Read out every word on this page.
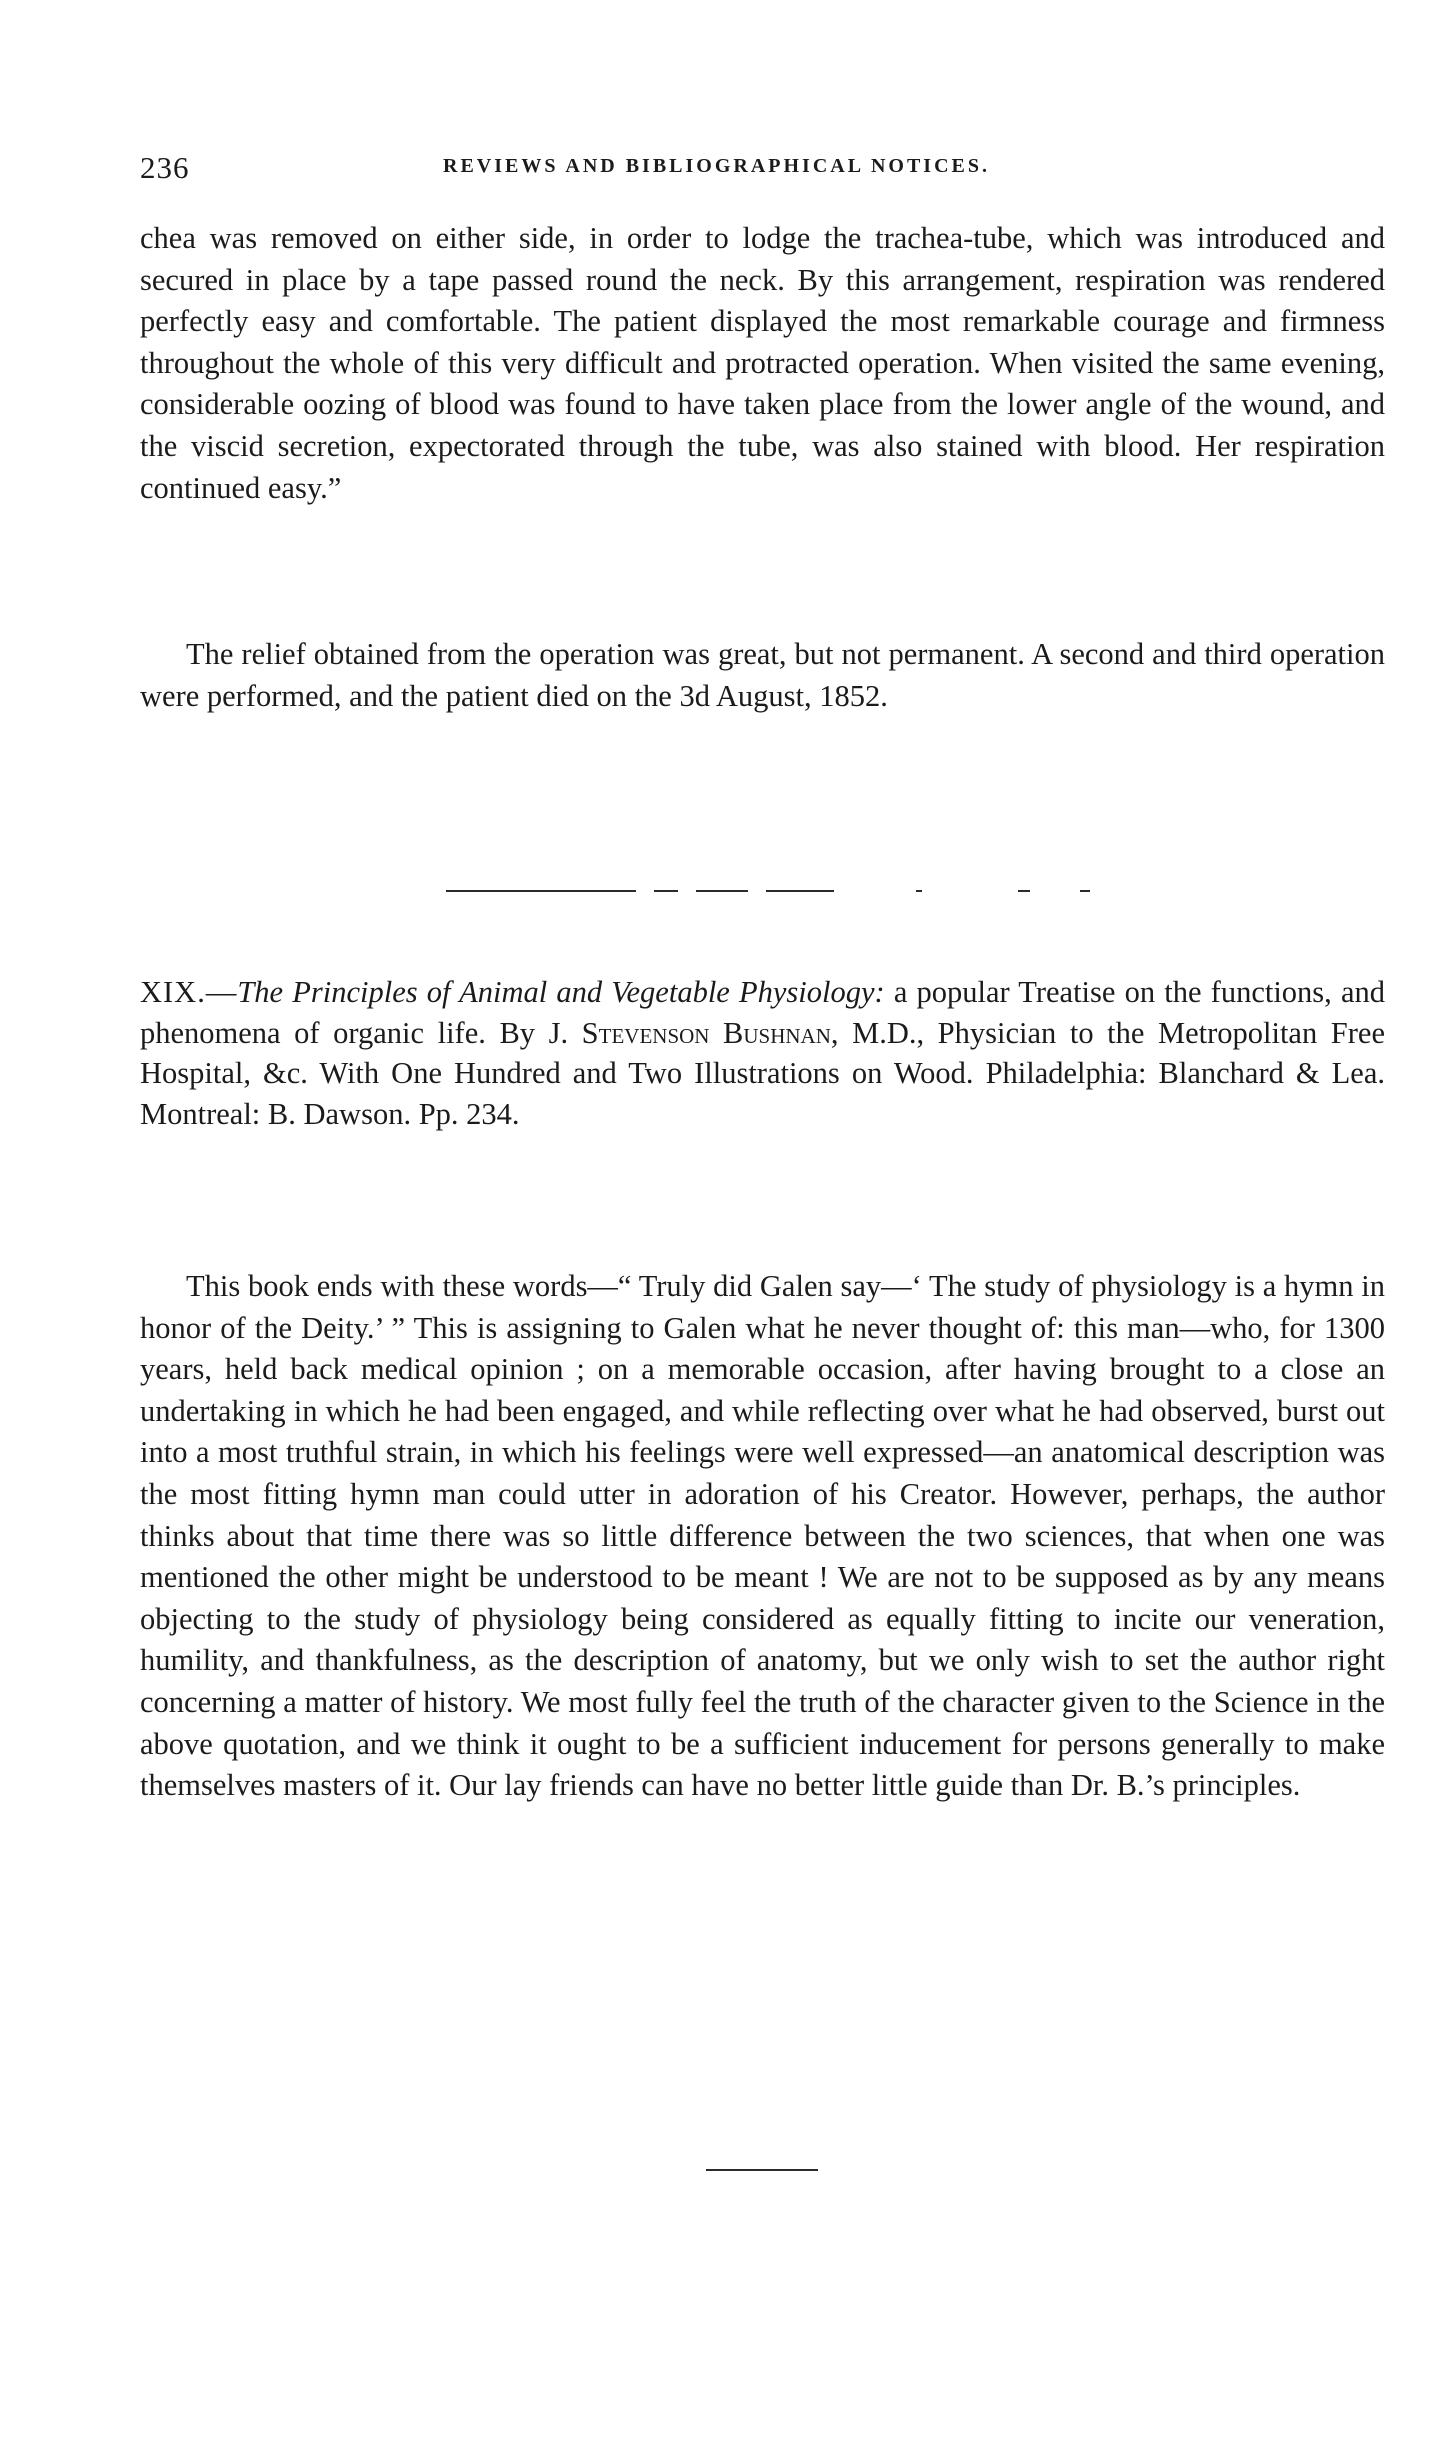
236	REVIEWS AND BIBLIOGRAPHICAL NOTICES.

chea was removed on either side, in order to lodge the trachea-tube, which was introduced and secured in place by a tape passed round the neck. By this arrangement, respiration was rendered perfectly easy and comfortable. The patient displayed the most remarkable courage and firmness throughout the whole of this very difficult and protracted operation. When visited the same evening, considerable oozing of blood was found to have taken place from the lower angle of the wound, and the viscid secretion, expectorated through the tube, was also stained with blood. Her respiration continued easy.”

The relief obtained from the operation was great, but not permanent. A second and third operation were performed, and the patient died on the 3d August, 1852.

XIX.—The Principles of Animal and Vegetable Physiology: a popular Treatise on the functions, and phenomena of organic life. By J. Stevenson Bushnan, M.D., Physician to the Metropolitan Free Hospital, &c. With One Hundred and Two Illustrations on Wood. Philadelphia: Blanchard & Lea. Montreal: B. Dawson. Pp. 234.

This book ends with these words—“ Truly did Galen say—‘ The study of physiology is a hymn in honor of the Deity.’ ” This is assigning to Galen what he never thought of: this man—who, for 1300 years, held back medical opinion ; on a memorable occasion, after having brought to a close an undertaking in which he had been engaged, and while reflecting over what he had observed, burst out into a most truthful strain, in which his feelings were well expressed—an anatomical description was the most fitting hymn man could utter in adoration of his Creator. However, perhaps, the author thinks about that time there was so little difference between the two sciences, that when one was mentioned the other might be understood to be meant ! We are not to be supposed as by any means objecting to the study of physiology being considered as equally fitting to incite our veneration, humility, and thankfulness, as the description of anatomy, but we only wish to set the author right concerning a matter of history. We most fully feel the truth of the character given to the Science in the above quotation, and we think it ought to be a sufficient inducement for persons generally to make themselves masters of it. Our lay friends can have no better little guide than Dr. B.’s principles.
